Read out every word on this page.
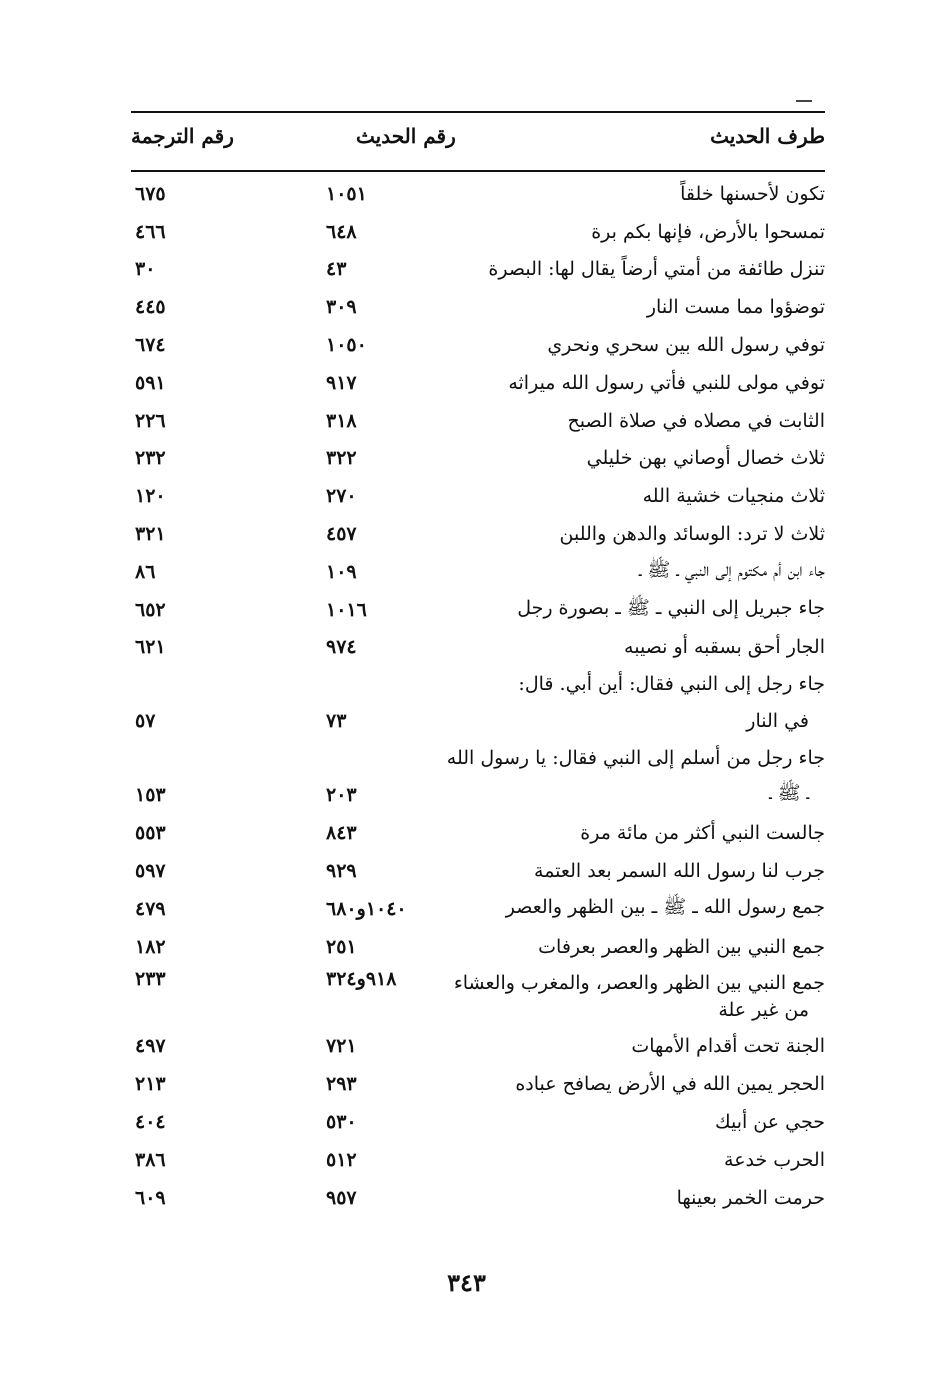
طرف الحديث
رقم الحديث
رقم الترجمة
تكون لأحسنها خلقاً
١٠٥١
٦٧٥
تمسحوا بالأرض، فإنها بكم برة
٦٤٨
٤٦٦
تنزل طائفة من أمتي أرضاً يقال لها: البصرة
٤٣
٣٠
توضؤوا مما مست النار
٣٠٩
٤٤٥
توفي رسول الله بين سحري ونحري
١٠٥٠
٦٧٤
توفي مولى للنبي فأتي رسول الله ميراثه
٩١٧
٥٩١
الثابت في مصلاه في صلاة الصبح
٣١٨
٢٢٦
ثلاث خصال أوصاني بهن خليلي
٣٢٢
٢٣٢
ثلاث منجيات خشية الله
٢٧٠
١٢٠
ثلاث لا ترد: الوسائد والدهن واللبن
٤٥٧
٣٢١
جاء ابن أم مكتوم إلى النبي ـ ﷺ ـ
١٠٩
٨٦
جاء جبريل إلى النبي ـ ﷺ ـ بصورة رجل
١٠١٦
٦٥٢
الجار أحق بسقبه أو نصيبه
٩٧٤
٦٢١
جاء رجل إلى النبي فقال: أين أبي. قال:
في النار
٧٣
٥٧
جاء رجل من أسلم إلى النبي فقال: يا رسول الله
ـ ﷺ ـ
٢٠٣
١٥٣
جالست النبي أكثر من مائة مرة
٨٤٣
٥٥٣
جرب لنا رسول الله السمر بعد العتمة
٩٢٩
٥٩٧
جمع رسول الله ـ ﷺ ـ بين الظهر والعصر
١٠٤٠و٦٨٠
٤٧٩
جمع النبي بين الظهر والعصر بعرفات
٢٥١
١٨٢
جمع النبي بين الظهر والعصر، والمغرب والعشاء
من غير علة
٩١٨و٣٢٤
٢٣٣
الجنة تحت أقدام الأمهات
٧٢١
٤٩٧
الحجر يمين الله في الأرض يصافح عباده
٢٩٣
٢١٣
حجي عن أبيك
٥٣٠
٤٠٤
الحرب خدعة
٥١٢
٣٨٦
حرمت الخمر بعينها
٩٥٧
٦٠٩
٣٤٣
